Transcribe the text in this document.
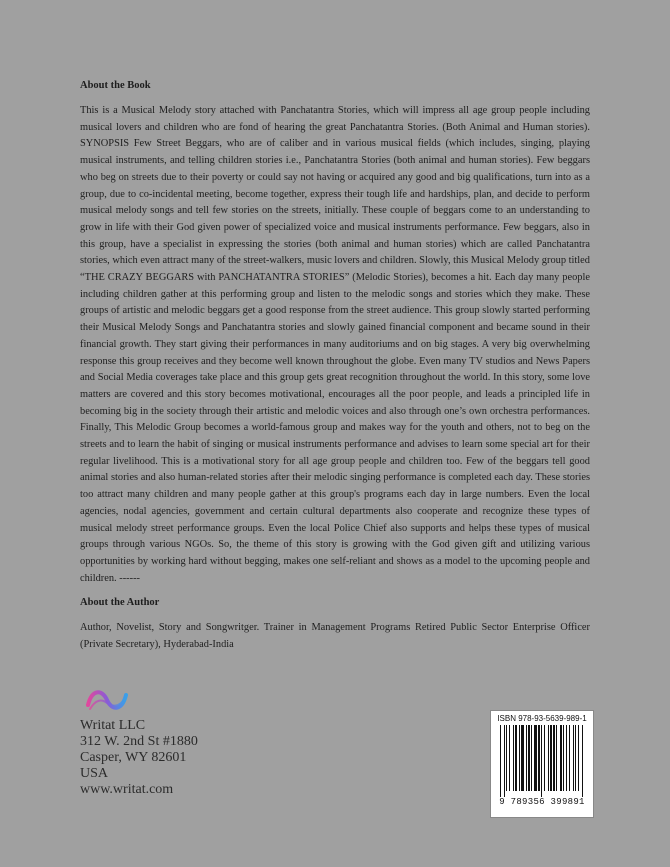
About the Book

This is a Musical Melody story attached with Panchatantra Stories, which will impress all age group people including musical lovers and children who are fond of hearing the great Panchatantra Stories. (Both Animal and Human stories). SYNOPSIS Few Street Beggars, who are of caliber and in various musical fields (which includes, singing, playing musical instruments, and telling children stories i.e., Panchatantra Stories (both animal and human stories). Few beggars who beg on streets due to their poverty or could say not having or acquired any good and big qualifications, turn into as a group, due to co-incidental meeting, become together, express their tough life and hardships, plan, and decide to perform musical melody songs and tell few stories on the streets, initially. These couple of beggars come to an understanding to grow in life with their God given power of specialized voice and musical instruments performance. Few beggars, also in this group, have a specialist in expressing the stories (both animal and human stories) which are called Panchatantra stories, which even attract many of the street-walkers, music lovers and children. Slowly, this Musical Melody group titled “THE CRAZY BEGGARS with PANCHATANTRA STORIES” (Melodic Stories), becomes a hit. Each day many people including children gather at this performing group and listen to the melodic songs and stories which they make. These groups of artistic and melodic beggars get a good response from the street audience. This group slowly started performing their Musical Melody Songs and Panchatantra stories and slowly gained financial component and became sound in their financial growth. They start giving their performances in many auditoriums and on big stages. A very big overwhelming response this group receives and they become well known throughout the globe. Even many TV studios and News Papers and Social Media coverages take place and this group gets great recognition throughout the world. In this story, some love matters are covered and this story becomes motivational, encourages all the poor people, and leads a principled life in becoming big in the society through their artistic and melodic voices and also through one’s own orchestra performances. Finally, This Melodic Group becomes a world-famous group and makes way for the youth and others, not to beg on the streets and to learn the habit of singing or musical instruments performance and advises to learn some special art for their regular livelihood. This is a motivational story for all age group people and children too. Few of the beggars tell good animal stories and also human-related stories after their melodic singing performance is completed each day. These stories too attract many children and many people gather at this group's programs each day in large numbers. Even the local agencies, nodal agencies, government and certain cultural departments also cooperate and recognize these types of musical melody street performance groups. Even the local Police Chief also supports and helps these types of musical groups through various NGOs. So, the theme of this story is growing with the God given gift and utilizing various opportunities by working hard without begging, makes one self-reliant and shows as a model to the upcoming people and children. ------

About the Author

Author, Novelist, Story and Songwritger. Trainer in Management Programs Retired Public Sector Enterprise Officer (Private Secretary), Hyderabad-India

Writat LLC
312 W. 2nd St #1880
Casper, WY 82601
USA
www.writat.com
ISBN 978-93-5639-989-1
9 789356 399891
